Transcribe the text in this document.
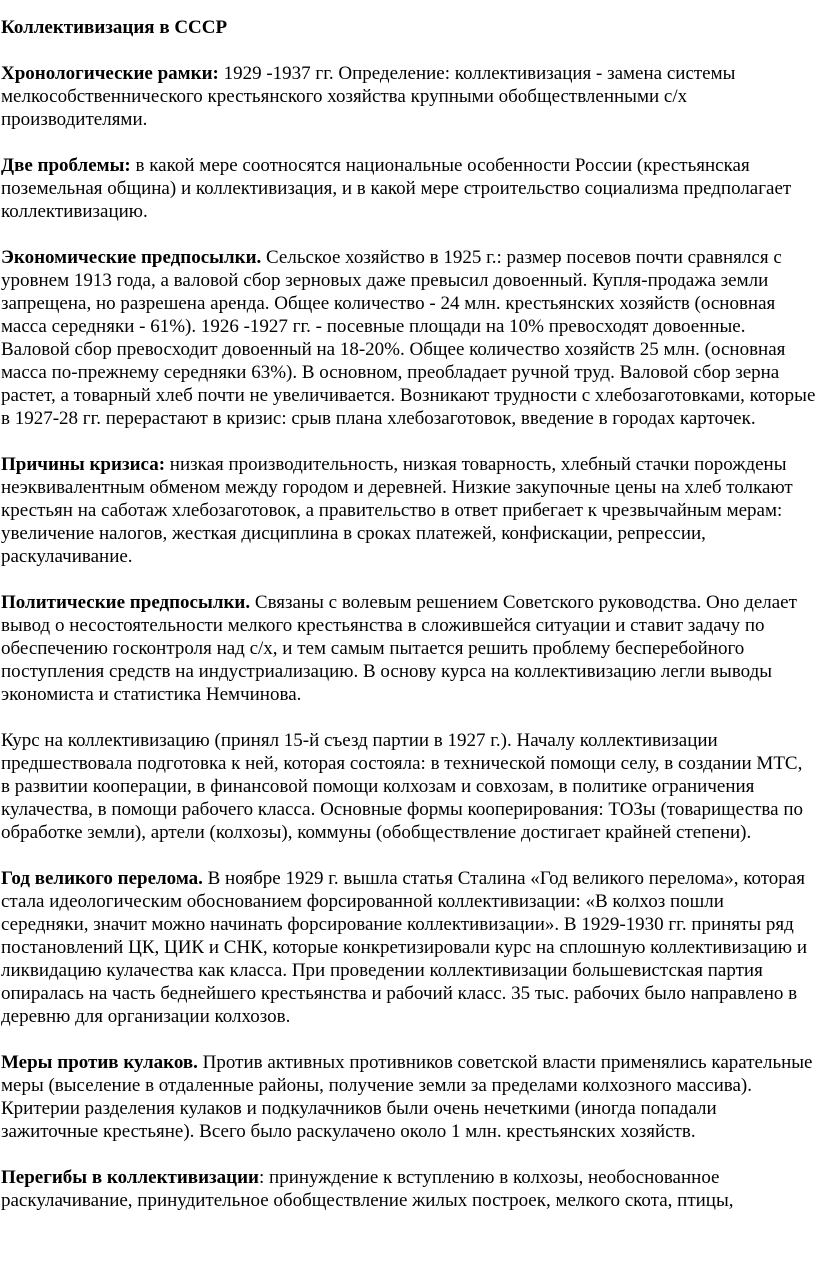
Коллективизация в СССР
Хронологические рамки: 1929 -1937 гг. Определение: коллективизация - замена системы мелкособственнического крестьянского хозяйства крупными обобществленными с/х производителями.
Две проблемы: в какой мере соотносятся национальные особенности России (крестьянская поземельная община) и коллективизация, и в какой мере строительство социализма предполагает коллективизацию.
Экономические предпосылки. Сельское хозяйство в 1925 г.: размер посевов почти сравнялся с уровнем 1913 года, а валовой сбор зерновых даже превысил довоенный. Купля-продажа земли запрещена, но разрешена аренда. Общее количество - 24 млн. крестьянских хозяйств (основная масса середняки - 61%). 1926 -1927 гг. - посевные площади на 10% превосходят довоенные. Валовой сбор превосходит довоенный на 18-20%. Общее количество хозяйств 25 млн. (основная масса по-прежнему середняки 63%). В основном, преобладает ручной труд. Валовой сбор зерна растет, а товарный хлеб почти не увеличивается. Возникают трудности с хлебозаготовками, которые в 1927-28 гг. перерастают в кризис: срыв плана хлебозаготовок, введение в городах карточек.
Причины кризиса: низкая производительность, низкая товарность, хлебный стачки порождены неэквивалентным обменом между городом и деревней. Низкие закупочные цены на хлеб толкают крестьян на саботаж хлебозаготовок, а правительство в ответ прибегает к чрезвычайным мерам: увеличение налогов, жесткая дисциплина в сроках платежей, конфискации, репрессии, раскулачивание.
Политические предпосылки. Связаны с волевым решением Советского руководства. Оно делает вывод о несостоятельности мелкого крестьянства в сложившейся ситуации и ставит задачу по обеспечению госконтроля над с/х, и тем самым пытается решить проблему бесперебойного поступления средств на индустриализацию. В основу курса на коллективизацию легли выводы экономиста и статистика Немчинова.
Курс на коллективизацию (принял 15-й съезд партии в 1927 г.). Началу коллективизации предшествовала подготовка к ней, которая состояла: в технической помощи селу, в создании МТС, в развитии кооперации, в финансовой помощи колхозам и совхозам, в политике ограничения кулачества, в помощи рабочего класса. Основные формы кооперирования: ТОЗы (товарищества по обработке земли), артели (колхозы), коммуны (обобществление достигает крайней степени).
Год великого перелома. В ноябре 1929 г. вышла статья Сталина «Год великого перелома», которая стала идеологическим обоснованием форсированной коллективизации: «В колхоз пошли середняки, значит можно начинать форсирование коллективизации». В 1929-1930 гг. приняты ряд постановлений ЦК, ЦИК и СНК, которые конкретизировали курс на сплошную коллективизацию и ликвидацию кулачества как класса. При проведении коллективизации большевистская партия опиралась на часть беднейшего крестьянства и рабочий класс. 35 тыс. рабочих было направлено в деревню для организации колхозов.
Меры против кулаков. Против активных противников советской власти применялись карательные меры (выселение в отдаленные районы, получение земли за пределами колхозного массива). Критерии разделения кулаков и подкулачников были очень нечеткими (иногда попадали зажиточные крестьяне). Всего было раскулачено около 1 млн. крестьянских хозяйств.
Перегибы в коллективизации: принуждение к вступлению в колхозы, необоснованное раскулачивание, принудительное обобществление жилых построек, мелкого скота, птицы,
